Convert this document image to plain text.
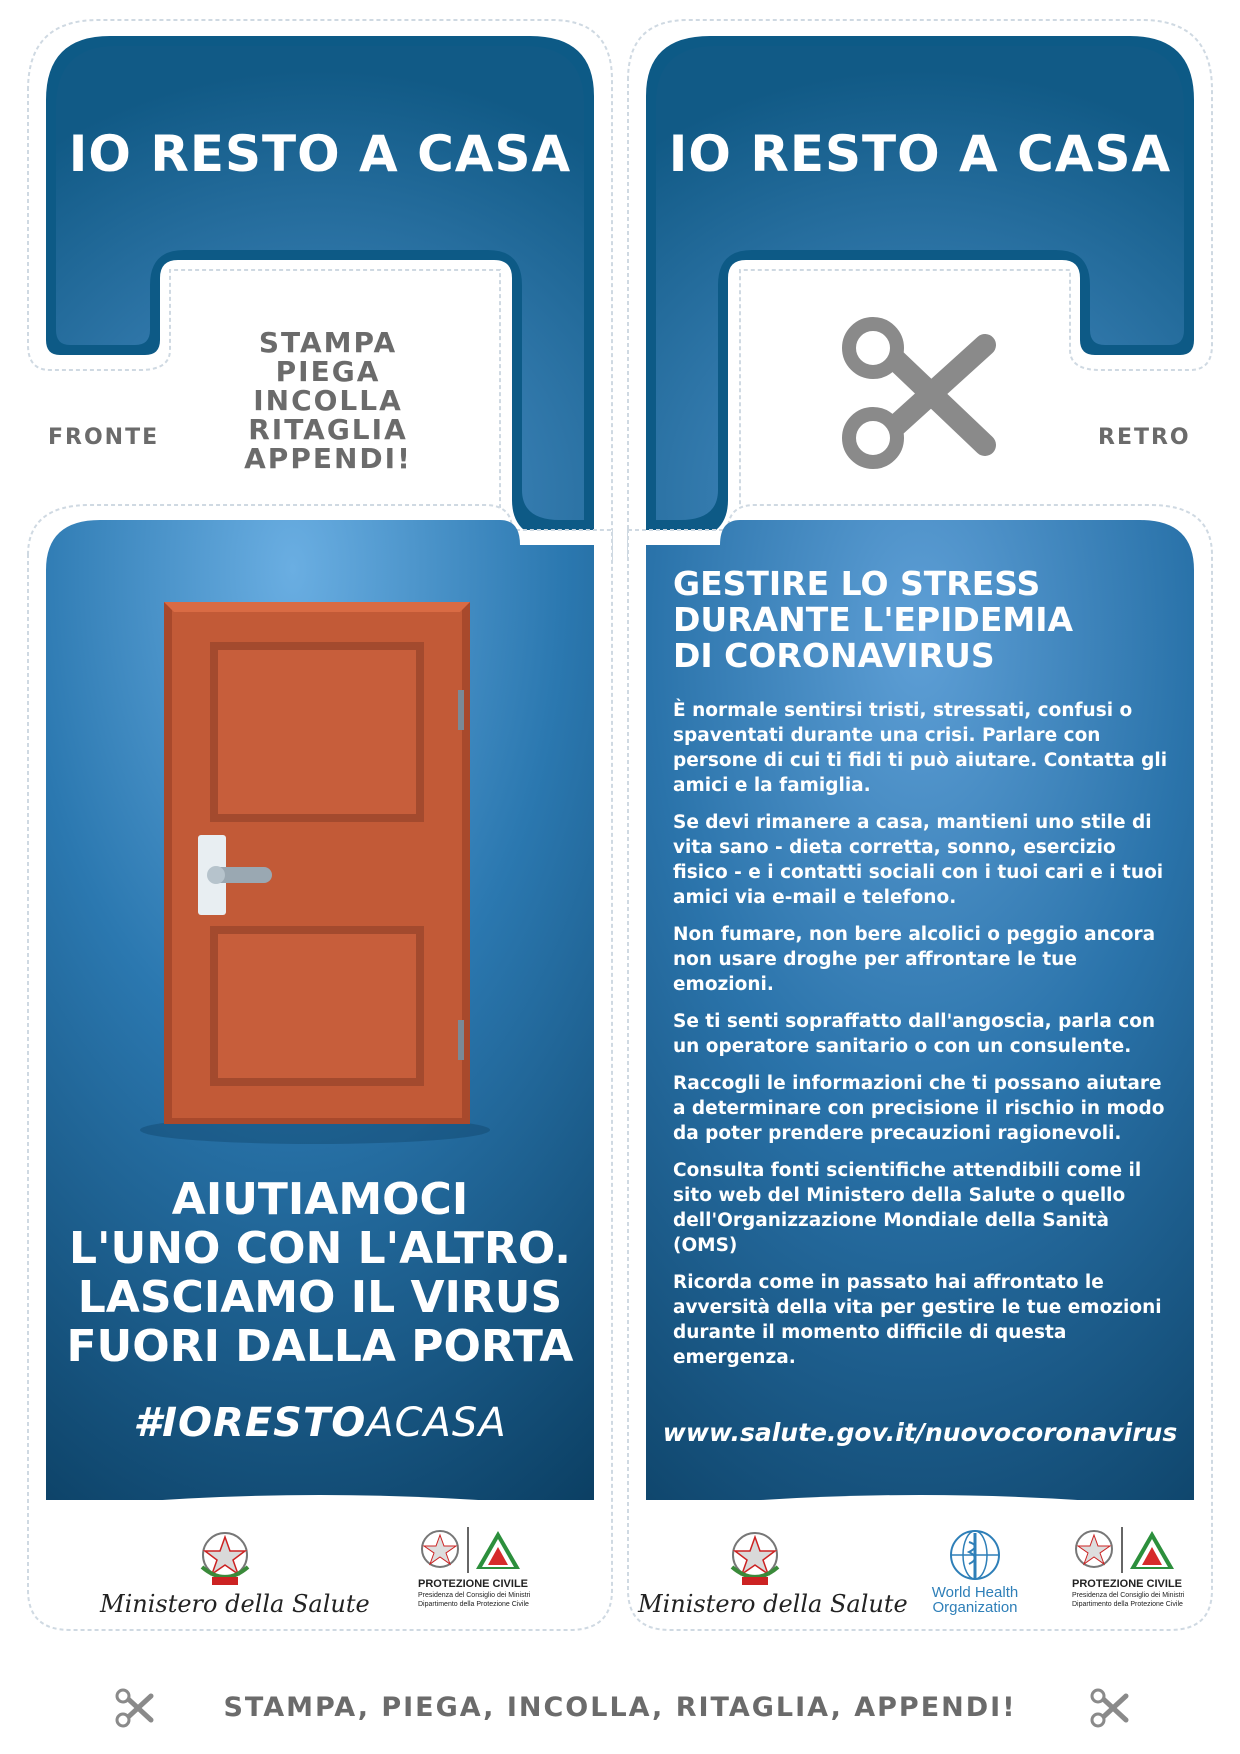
IO RESTO A CASA
FRONTE
STAMPA
PIEGA
INCOLLA
RITAGLIA
APPENDI!
AIUTIAMOCI
L'UNO CON L'ALTRO.
LASCIAMO IL VIRUS
FUORI DALLA PORTA
#IORESTOACASA
Ministero della Salute
PROTEZIONE CIVILE
Presidenza del Consiglio dei Ministri
Dipartimento della Protezione Civile
IO RESTO A CASA
RETRO
GESTIRE LO STRESS
DURANTE L'EPIDEMIA
DI CORONAVIRUS

È normale sentirsi tristi, stressati, confusi o spaventati durante una crisi. Parlare con persone di cui ti fidi ti può aiutare. Contatta gli amici e la famiglia.

Se devi rimanere a casa, mantieni uno stile di vita sano - dieta corretta, sonno, esercizio fisico - e i contatti sociali con i tuoi cari e i tuoi amici via e-mail e telefono.

Non fumare, non bere alcolici o peggio ancora non usare droghe per affrontare le tue emozioni.

Se ti senti sopraffatto dall'angoscia, parla con un operatore sanitario o con un consulente.

Raccogli le informazioni che ti possano aiutare a determinare con precisione il rischio in modo da poter prendere precauzioni ragionevoli.

Consulta fonti scientifiche attendibili come il sito web del Ministero della Salute o quello dell'Organizzazione Mondiale della Sanità (OMS)

Ricorda come in passato hai affrontato le avversità della vita per gestire le tue emozioni durante il momento difficile di questa emergenza.

www.salute.gov.it/nuovocoronavirus
Ministero della Salute	World Health
Organization
PROTEZIONE CIVILE
Presidenza del Consiglio dei Ministri
Dipartimento della Protezione Civile
STAMPA, PIEGA, INCOLLA, RITAGLIA, APPENDI!
